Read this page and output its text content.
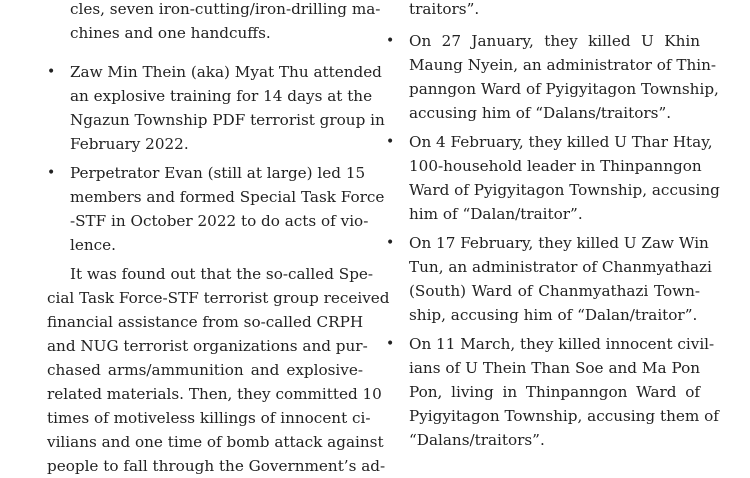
cles, seven iron-cutting/iron-drilling ma-
chines and one handcuffs.
• Zaw Min Thein (aka) Myat Thu attended
an explosive training for 14 days at the
Ngazun Township PDF terrorist group in
February 2022.
• Perpetrator Evan (still at large) led 15
members and formed Special Task Force
-STF in October 2022 to do acts of vio-
lence.
It was found out that the so-called Spe-
cial Task Force-STF terrorist group received
financial assistance from so-called CRPH
and NUG terrorist organizations and pur-
chased arms/ammunition and explosive-
related materials. Then, they committed 10
times of motiveless killings of innocent ci-
vilians and one time of bomb attack against
people to fall through the Government’s ad-
traitors”.
• On 27 January, they killed U Khin
Maung Nyein, an administrator of Thin-
panngon Ward of Pyigyitagon Township,
accusing him of “Dalans/traitors”.
• On 4 February, they killed U Thar Htay,
100-household leader in Thinpanngon
Ward of Pyigyitagon Township, accusing
him of “Dalan/traitor”.
• On 17 February, they killed U Zaw Win
Tun, an administrator of Chanmyathazi
(South) Ward of Chanmyathazi Town-
ship, accusing him of “Dalan/traitor”.
• On 11 March, they killed innocent civil-
ians of U Thein Than Soe and Ma Pon
Pon, living in Thinpanngon Ward of
Pyigyitagon Township, accusing them of
“Dalans/traitors”.
